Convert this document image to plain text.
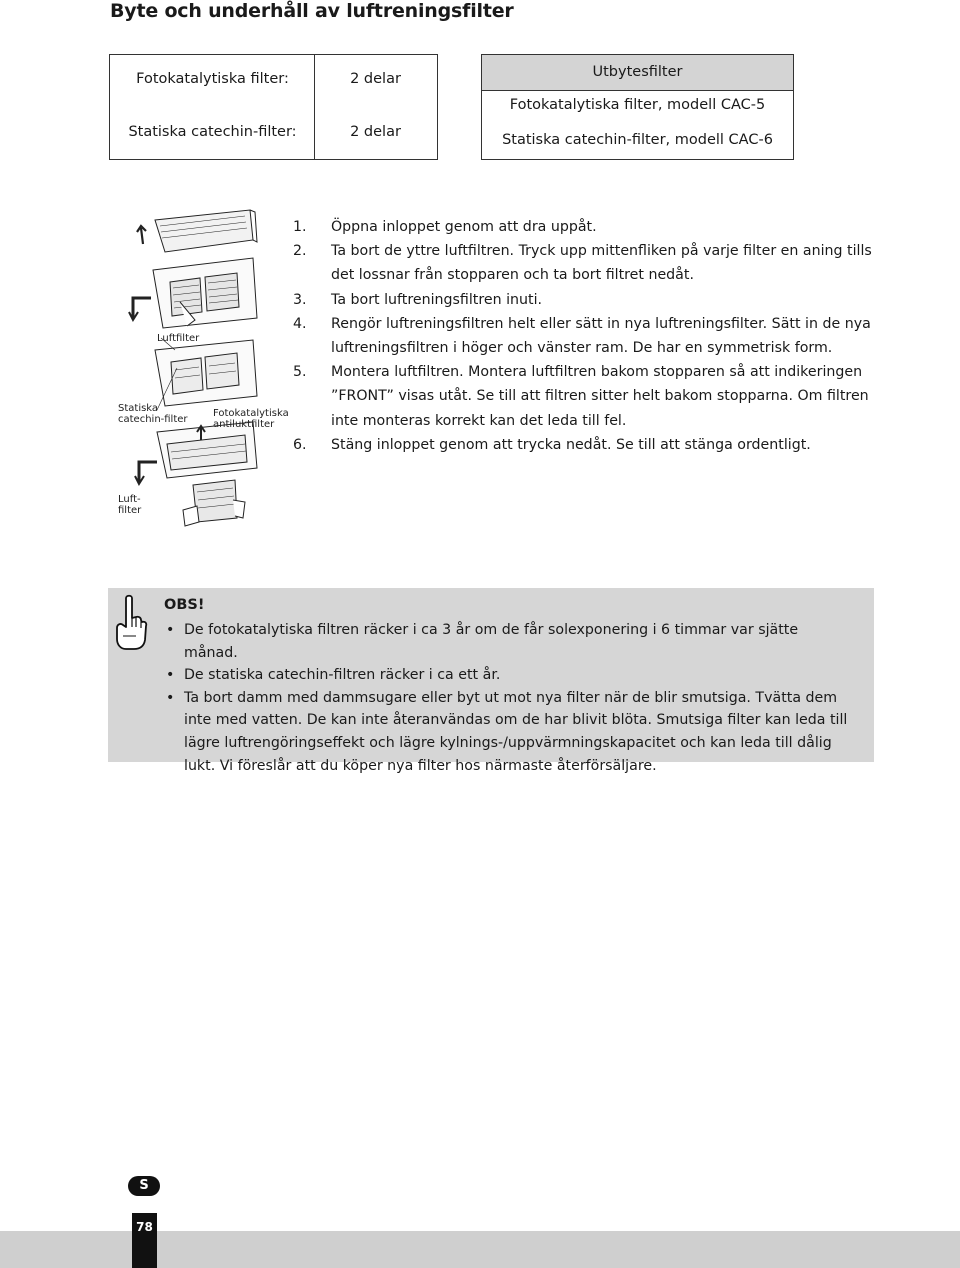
Byte och underhåll av luftreningsfilter
Fotokatalytiska filter:	2 delar
Statiska catechin-filter:	2 delar
Utbytesfilter
Fotokatalytiska filter, modell CAC-5
Statiska catechin-filter, modell CAC-6
Luftfilter
Statiska
catechin-filter
Fotokatalytiska
antiluktfilter
Luft-
filter
1. Öppna inloppet genom att dra uppåt.
2. Ta bort de yttre luftfiltren. Tryck upp mittenfliken på varje filter en aning tills det lossnar från stopparen och ta bort filtret nedåt.
3. Ta bort luftreningsfiltren inuti.
4. Rengör luftreningsfiltren helt eller sätt in nya luftreningsfilter. Sätt in de nya luftreningsfiltren i höger och vänster ram. De har en symmetrisk form.
5. Montera luftfiltren. Montera luftfiltren bakom stopparen så att indikeringen ”FRONT” visas utåt. Se till att filtren sitter helt bakom stopparna. Om filtren inte monteras korrekt kan det leda till fel.
6. Stäng inloppet genom att trycka nedåt. Se till att stänga ordentligt.
OBS!
• De fotokatalytiska filtren räcker i ca 3 år om de får solexponering i 6 timmar var sjätte månad.
• De statiska catechin-filtren räcker i ca ett år.
• Ta bort damm med dammsugare eller byt ut mot nya filter när de blir smutsiga. Tvätta dem inte med vatten. De kan inte återanvändas om de har blivit blöta. Smutsiga filter kan leda till lägre luftrengöringseffekt och lägre kylnings-/uppvärmningskapacitet och kan leda till dålig lukt. Vi föreslår att du köper nya filter hos närmaste återförsäljare.
S
78
